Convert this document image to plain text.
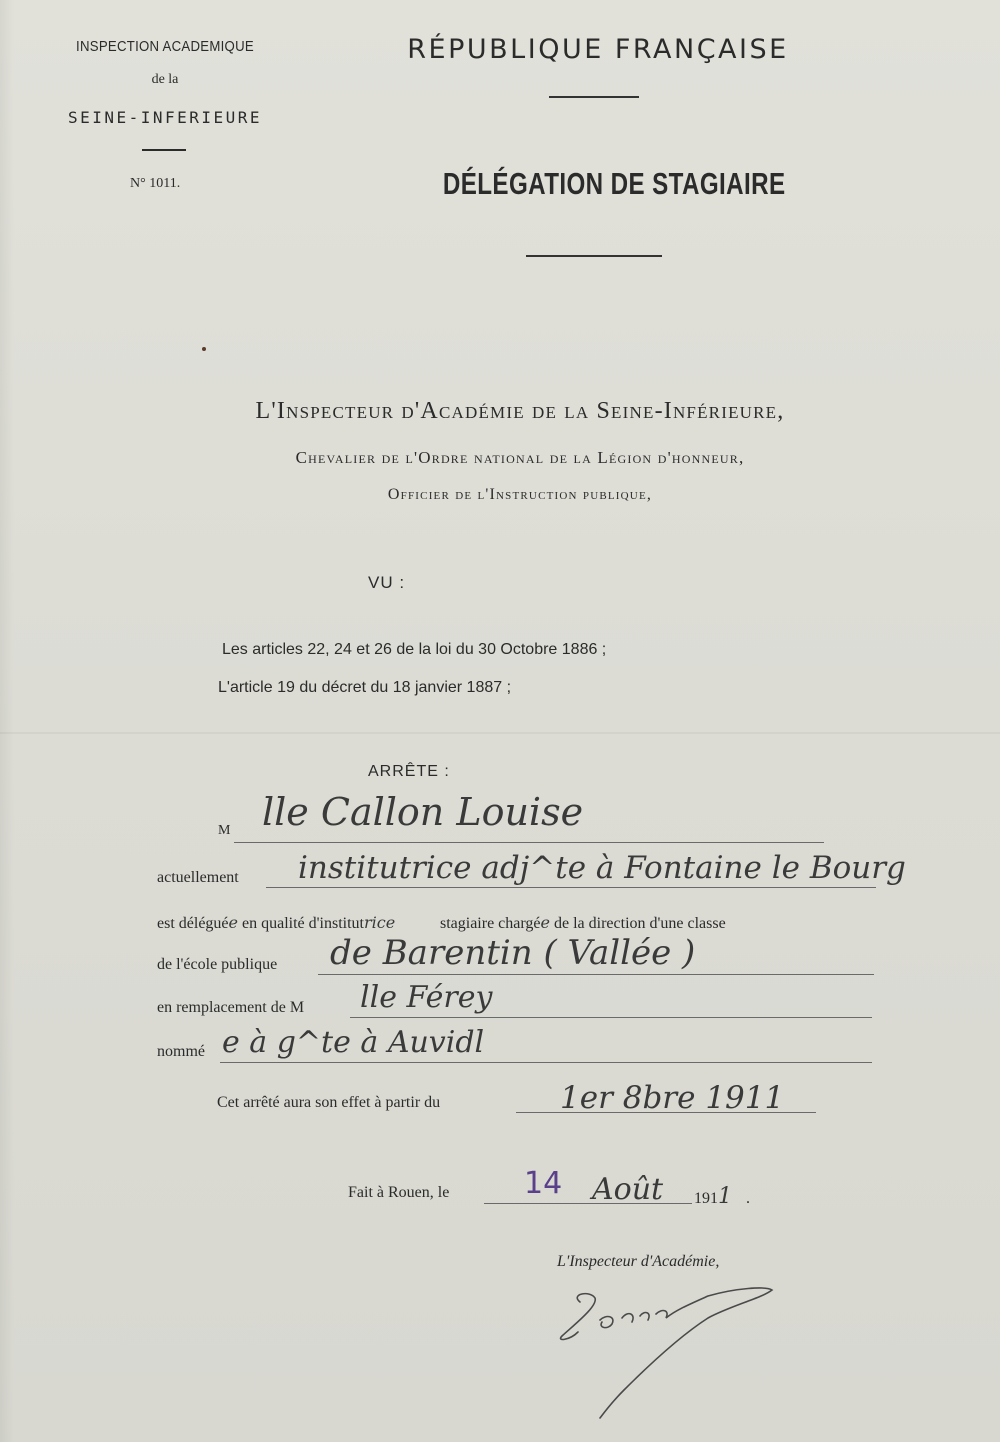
INSPECTION ACADEMIQUE
de la
SEINE-INFERIEURE
N° 1011.
RÉPUBLIQUE FRANÇAISE
DÉLÉGATION DE STAGIAIRE
L'Inspecteur d'Académie de la Seine-Inférieure,
Chevalier de l'Ordre national de la Légion d'honneur,
Officier de l'Instruction publique,
VU :
Les articles 22, 24 et 26 de la loi du 30 Octobre 1886 ;
L'article 19 du décret du 18 janvier 1887 ;
ARRÊTE :
M lle Callon Louise
actuellement institutrice adj^te à Fontaine le Bourg
est déléguée en qualité d'institutrice	stagiaire chargée de la direction d'une classe
de l'école publique de Barentin ( Vallée )
en remplacement de M lle Férey
nommé e à g^te à Auvidl
Cet arrêté aura son effet à partir du	1er 8bre 1911
Fait à Rouen, le 14 Août 1911 .
L'Inspecteur d'Académie,
